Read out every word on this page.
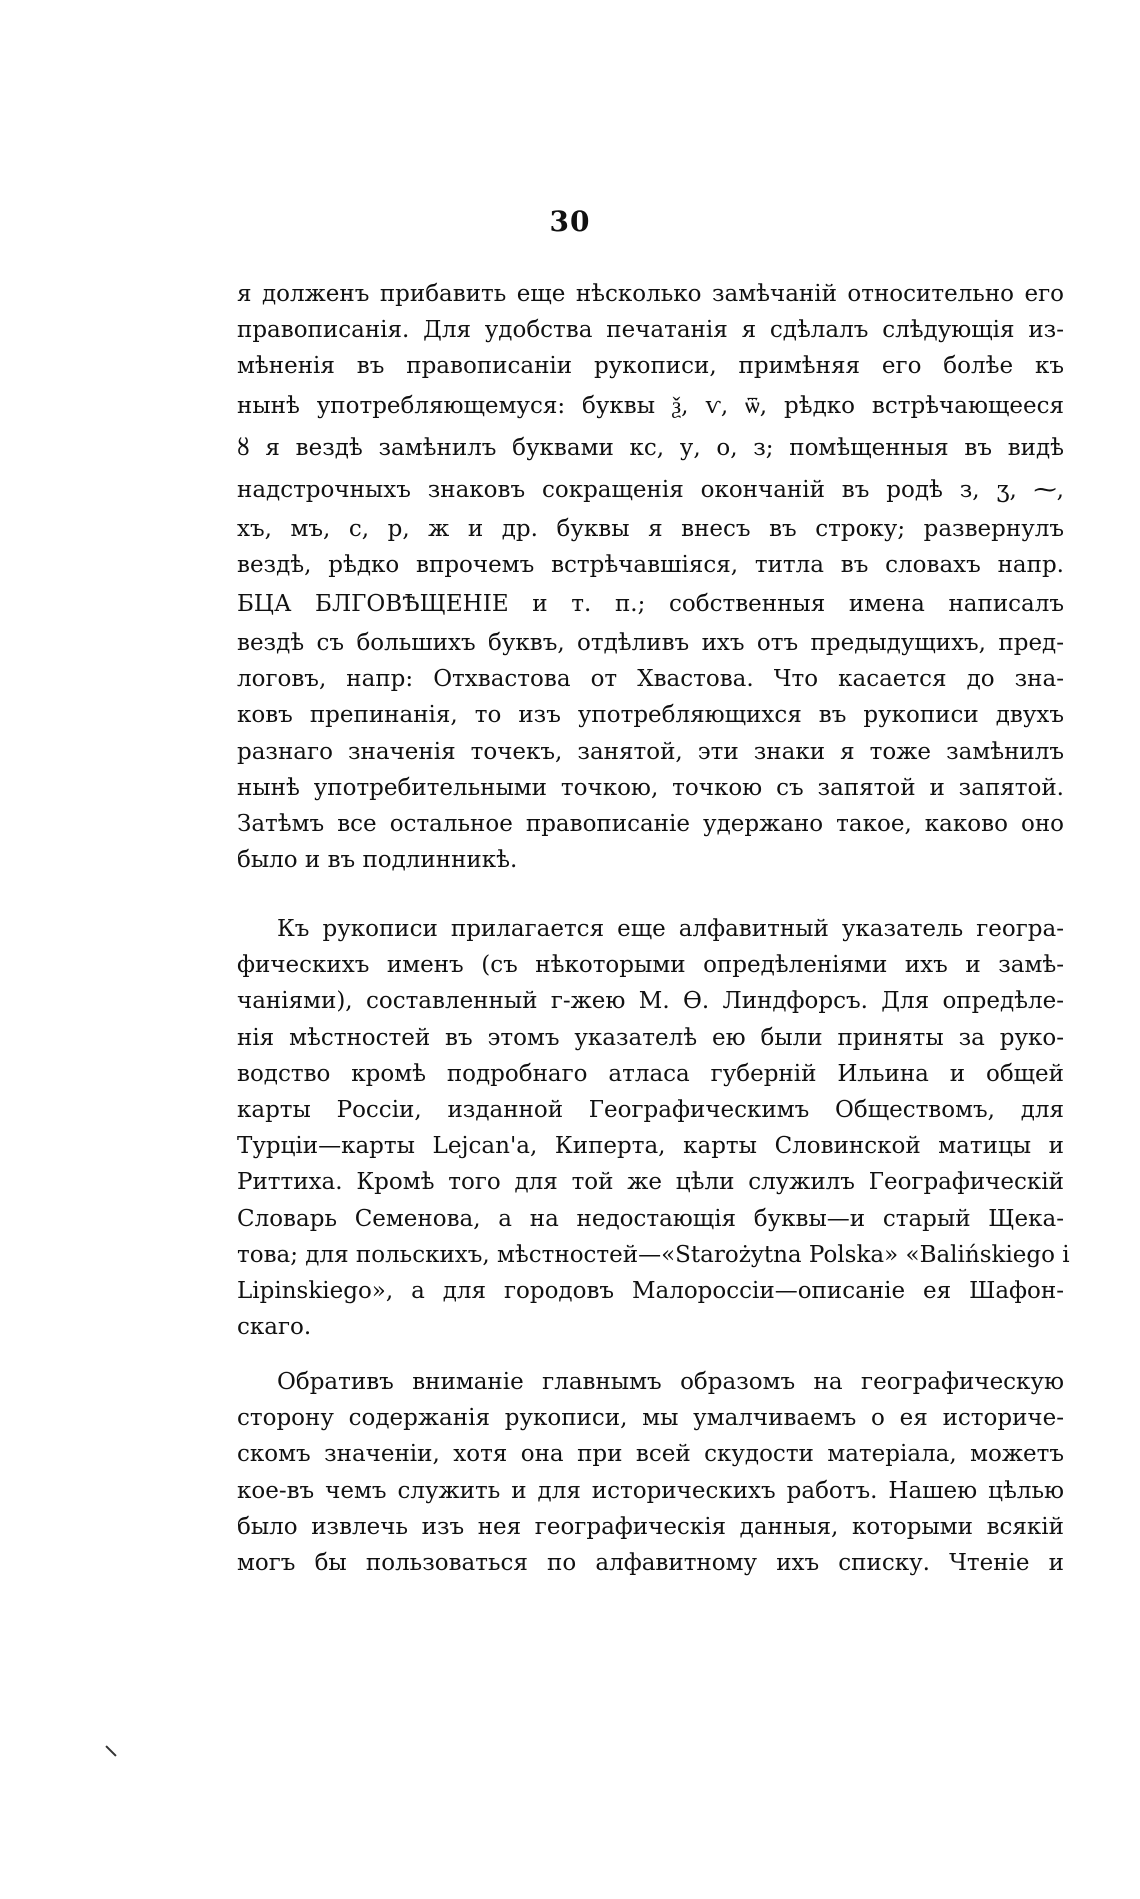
30
я долженъ прибавить еще нѣсколько замѣчаній относительно его
правописанія. Для удобства печатанія я сдѣлалъ слѣдующія из-
мѣненія въ правописаніи рукописи, примѣняя его болѣе къ
нынѣ употребляющемуся: буквы ѯ, ѵ, ѿ, рѣдко встрѣчающееся
ȣ я вездѣ замѣнилъ буквами кс, у, о, з; помѣщенныя въ видѣ
надстрочныхъ знаковъ сокращенія окончаній въ родѣ з, ʒ, ⁓,
хъ, мъ, с, р, ж и др. буквы я внесъ въ строку; развернулъ
вездѣ, рѣдко впрочемъ встрѣчавшіяся, титла въ словахъ напр.
БЦА БЛГОВѢЩЕНІЕ и т. п.; собственныя имена написалъ
вездѣ съ большихъ буквъ, отдѣливъ ихъ отъ предыдущихъ, пред-
логовъ, напр: Отхвастова от Хвастова. Что касается до зна-
ковъ препинанія, то изъ употребляющихся въ рукописи двухъ
разнаго значенія точекъ, занятой, эти знаки я тоже замѣнилъ
нынѣ употребительными точкою, точкою съ запятой и запятой.
Затѣмъ все остальное правописаніе удержано такое, каково оно
было и въ подлинникѣ.
Къ рукописи прилагается еще алфавитный указатель геогра-
фическихъ именъ (съ нѣкоторыми опредѣленіями ихъ и замѣ-
чаніями), составленный г-жею М. Ѳ. Линдфорсъ. Для опредѣле-
нія мѣстностей въ этомъ указателѣ ею были приняты за руко-
водство кромѣ подробнаго атласа губерній Ильина и общей
карты Россіи, изданной Географическимъ Обществомъ, для
Турціи—карты Lejcan'a, Киперта, карты Словинской матицы и
Риттиха. Кромѣ того для той же цѣли служилъ Географическій
Словарь Семенова, а на недостающія буквы—и старый Щека-
това; для польскихъ, мѣстностей—«Starożytna Polska» «Balińskiego i
Lipinskiego», а для городовъ Малороссіи—описаніе ея Шафон-
скаго.
Обративъ вниманіе главнымъ образомъ на географическую
сторону содержанія рукописи, мы умалчиваемъ о ея историче-
скомъ значеніи, хотя она при всей скудости матеріала, можетъ
кое-въ чемъ служить и для историческихъ работъ. Нашею цѣлью
было извлечь изъ нея географическія данныя, которыми всякій
могъ бы пользоваться по алфавитному ихъ списку. Чтеніе и
